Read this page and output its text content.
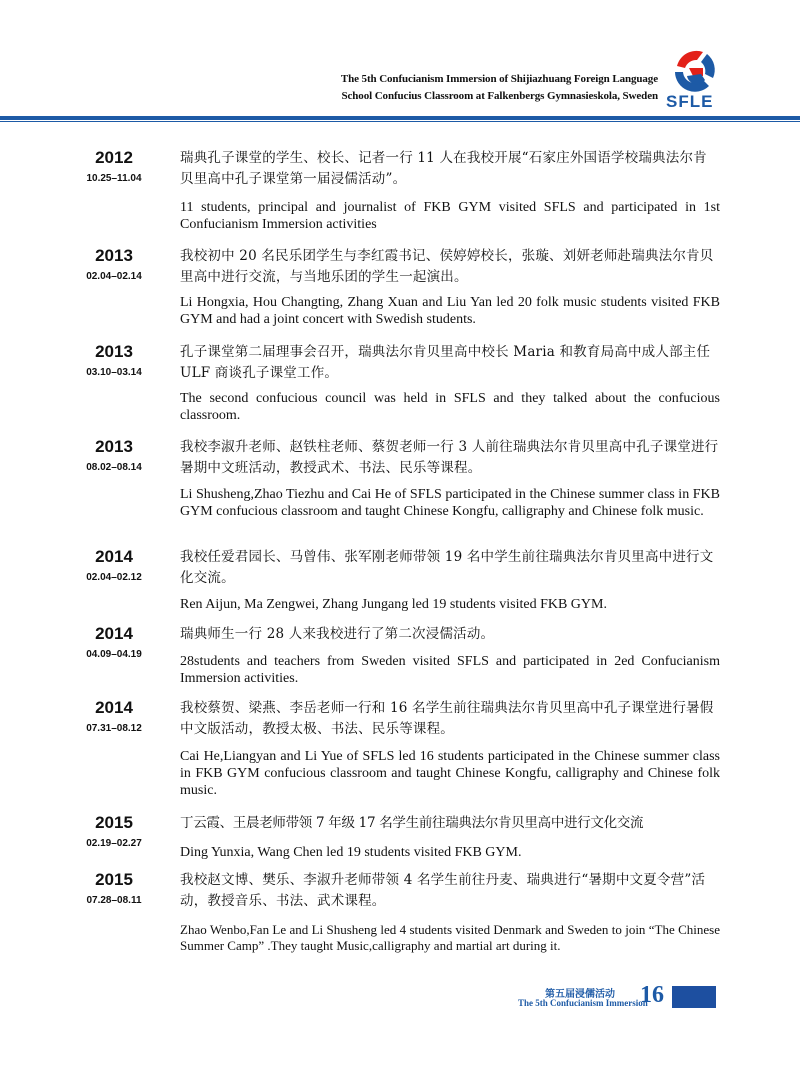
The 5th Confucianism Immersion of Shijiazhuang Foreign Language
School Confucius Classroom at Falkenbergs Gymnasieskola, Sweden SFLE
2012
10.25–11.04
瑞典孔子课堂的学生、校长、记者一行 11 人在我校开展“石家庄外国语学校瑞典法尔肯贝里高中孔子课堂第一届浸儒活动”。
11 students, principal and journalist of FKB GYM visited SFLS and participated in 1st Confucianism Immersion activities
2013
02.04–02.14
我校初中 20 名民乐团学生与李红霞书记、侯婷婷校长，张璇、刘妍老师赴瑞典法尔肯贝里高中进行交流，与当地乐团的学生一起演出。
Li Hongxia, Hou Changting, Zhang Xuan and Liu Yan led 20 folk music students visited FKB GYM and had a joint concert with Swedish students.
2013
03.10–03.14
孔子课堂第二届理事会召开，瑞典法尔肯贝里高中校长 Maria 和教育局高中成人部主任 ULF 商谈孔子课堂工作。
The second confucious council was held in SFLS and they talked about the confucious classroom.
2013
08.02–08.14
我校李淑升老师、赵铁柱老师、蔡贺老师一行 3 人前往瑞典法尔肯贝里高中孔子课堂进行暑期中文班活动，教授武术、书法、民乐等课程。
Li Shusheng,Zhao Tiezhu and Cai He of SFLS participated in the Chinese summer class in FKB GYM confucious classroom and taught Chinese Kongfu, calligraphy and Chinese folk music.
2014
02.04–02.12
我校任爱君园长、马曾伟、张军刚老师带领 19 名中学生前往瑞典法尔肯贝里高中进行文化交流。
Ren Aijun, Ma Zengwei, Zhang Jungang led 19 students visited FKB GYM.
2014
04.09–04.19
瑞典师生一行 28 人来我校进行了第二次浸儒活动。
28students and teachers from Sweden visited SFLS and participated in 2ed Confucianism Immersion activities.
2014
07.31–08.12
我校蔡贺、梁燕、李岳老师一行和 16 名学生前往瑞典法尔肯贝里高中孔子课堂进行暑假中文版活动，教授太极、书法、民乐等课程。
Cai He,Liangyan and Li Yue of SFLS led 16 students participated in the Chinese summer class in FKB GYM confucious classroom and taught Chinese Kongfu, calligraphy and Chinese folk music.
2015
02.19–02.27
丁云霞、王晨老师带领 7 年级 17 名学生前往瑞典法尔肯贝里高中进行文化交流
Ding Yunxia, Wang Chen led 19 students visited FKB GYM.
2015
07.28–08.11
我校赵文博、樊乐、李淑升老师带领 4 名学生前往丹麦、瑞典进行“暑期中文夏令营”活动，教授音乐、书法、武术课程。
Zhao Wenbo,Fan Le and Li Shusheng led 4 students visited Denmark and Sweden to join “The Chinese Summer Camp” .They taught Music,calligraphy and martial art during it.
第五届浸儒活动
The 5th Confucianism Immersion
16
